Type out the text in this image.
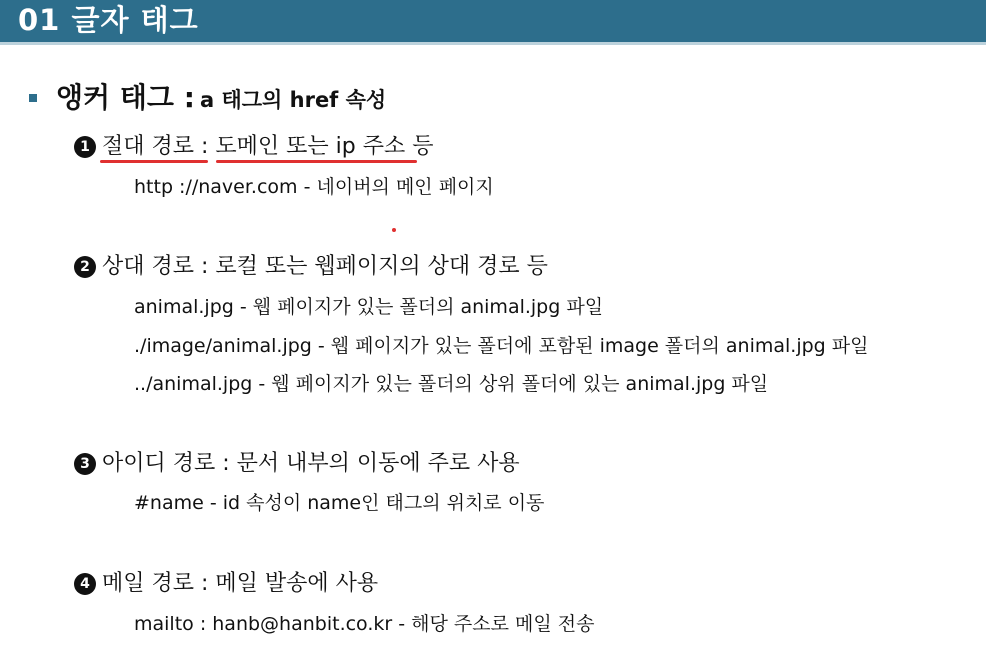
01 글자 태그
앵커 태그 : a 태그의 href 속성
1 절대 경로 : 도메인 또는 ip 주소 등
http ://naver.com - 네이버의 메인 페이지
2 상대 경로 : 로컬 또는 웹페이지의 상대 경로 등
animal.jpg - 웹 페이지가 있는 폴더의 animal.jpg 파일
./image/animal.jpg - 웹 페이지가 있는 폴더에 포함된 image 폴더의 animal.jpg 파일
../animal.jpg - 웹 페이지가 있는 폴더의 상위 폴더에 있는 animal.jpg 파일
3 아이디 경로 : 문서 내부의 이동에 주로 사용
#name - id 속성이 name인 태그의 위치로 이동
4 메일 경로 : 메일 발송에 사용
mailto : hanb@hanbit.co.kr - 해당 주소로 메일 전송
